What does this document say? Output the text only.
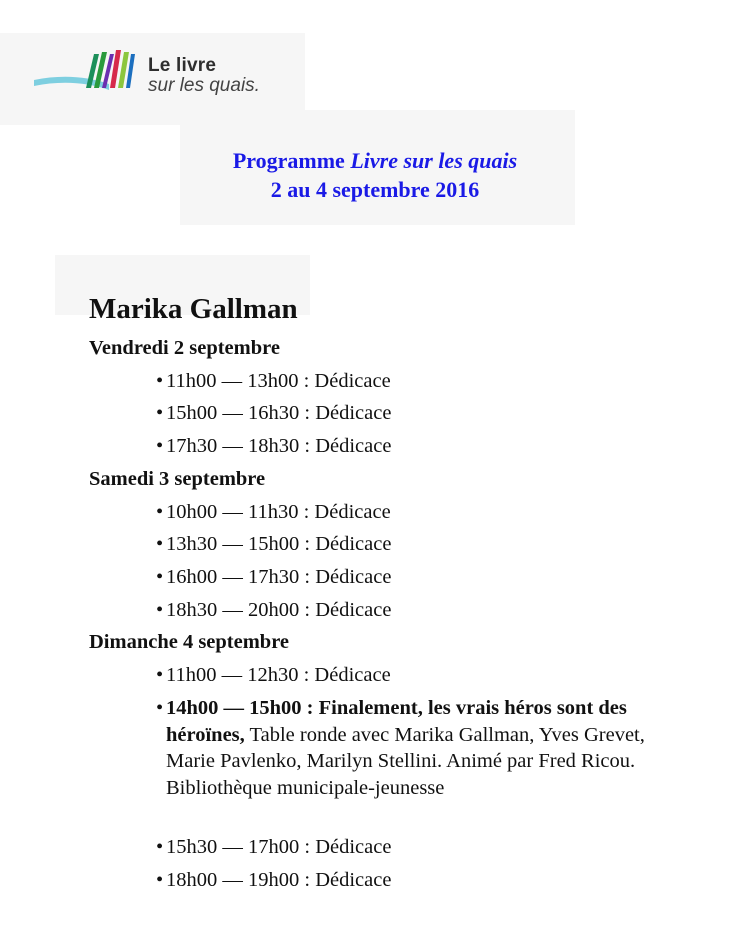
Le livre
sur les quais.
Programme Livre sur les quais
2 au 4 septembre 2016
Marika Gallman
Vendredi 2 septembre
• 11h00 — 13h00 : Dédicace
• 15h00 — 16h30 : Dédicace
• 17h30 — 18h30 : Dédicace
Samedi 3 septembre
• 10h00 — 11h30 : Dédicace
• 13h30 — 15h00 : Dédicace
• 16h00 — 17h30 : Dédicace
• 18h30 — 20h00 : Dédicace
Dimanche 4 septembre
• 11h00 — 12h30 : Dédicace
• 14h00 — 15h00 : Finalement, les vrais héros sont des héroïnes, Table ronde avec Marika Gallman, Yves Grevet, Marie Pavlenko, Marilyn Stellini. Animé par Fred Ricou. Bibliothèque municipale-jeunesse
• 15h30 — 17h00 : Dédicace
• 18h00 — 19h00 : Dédicace
